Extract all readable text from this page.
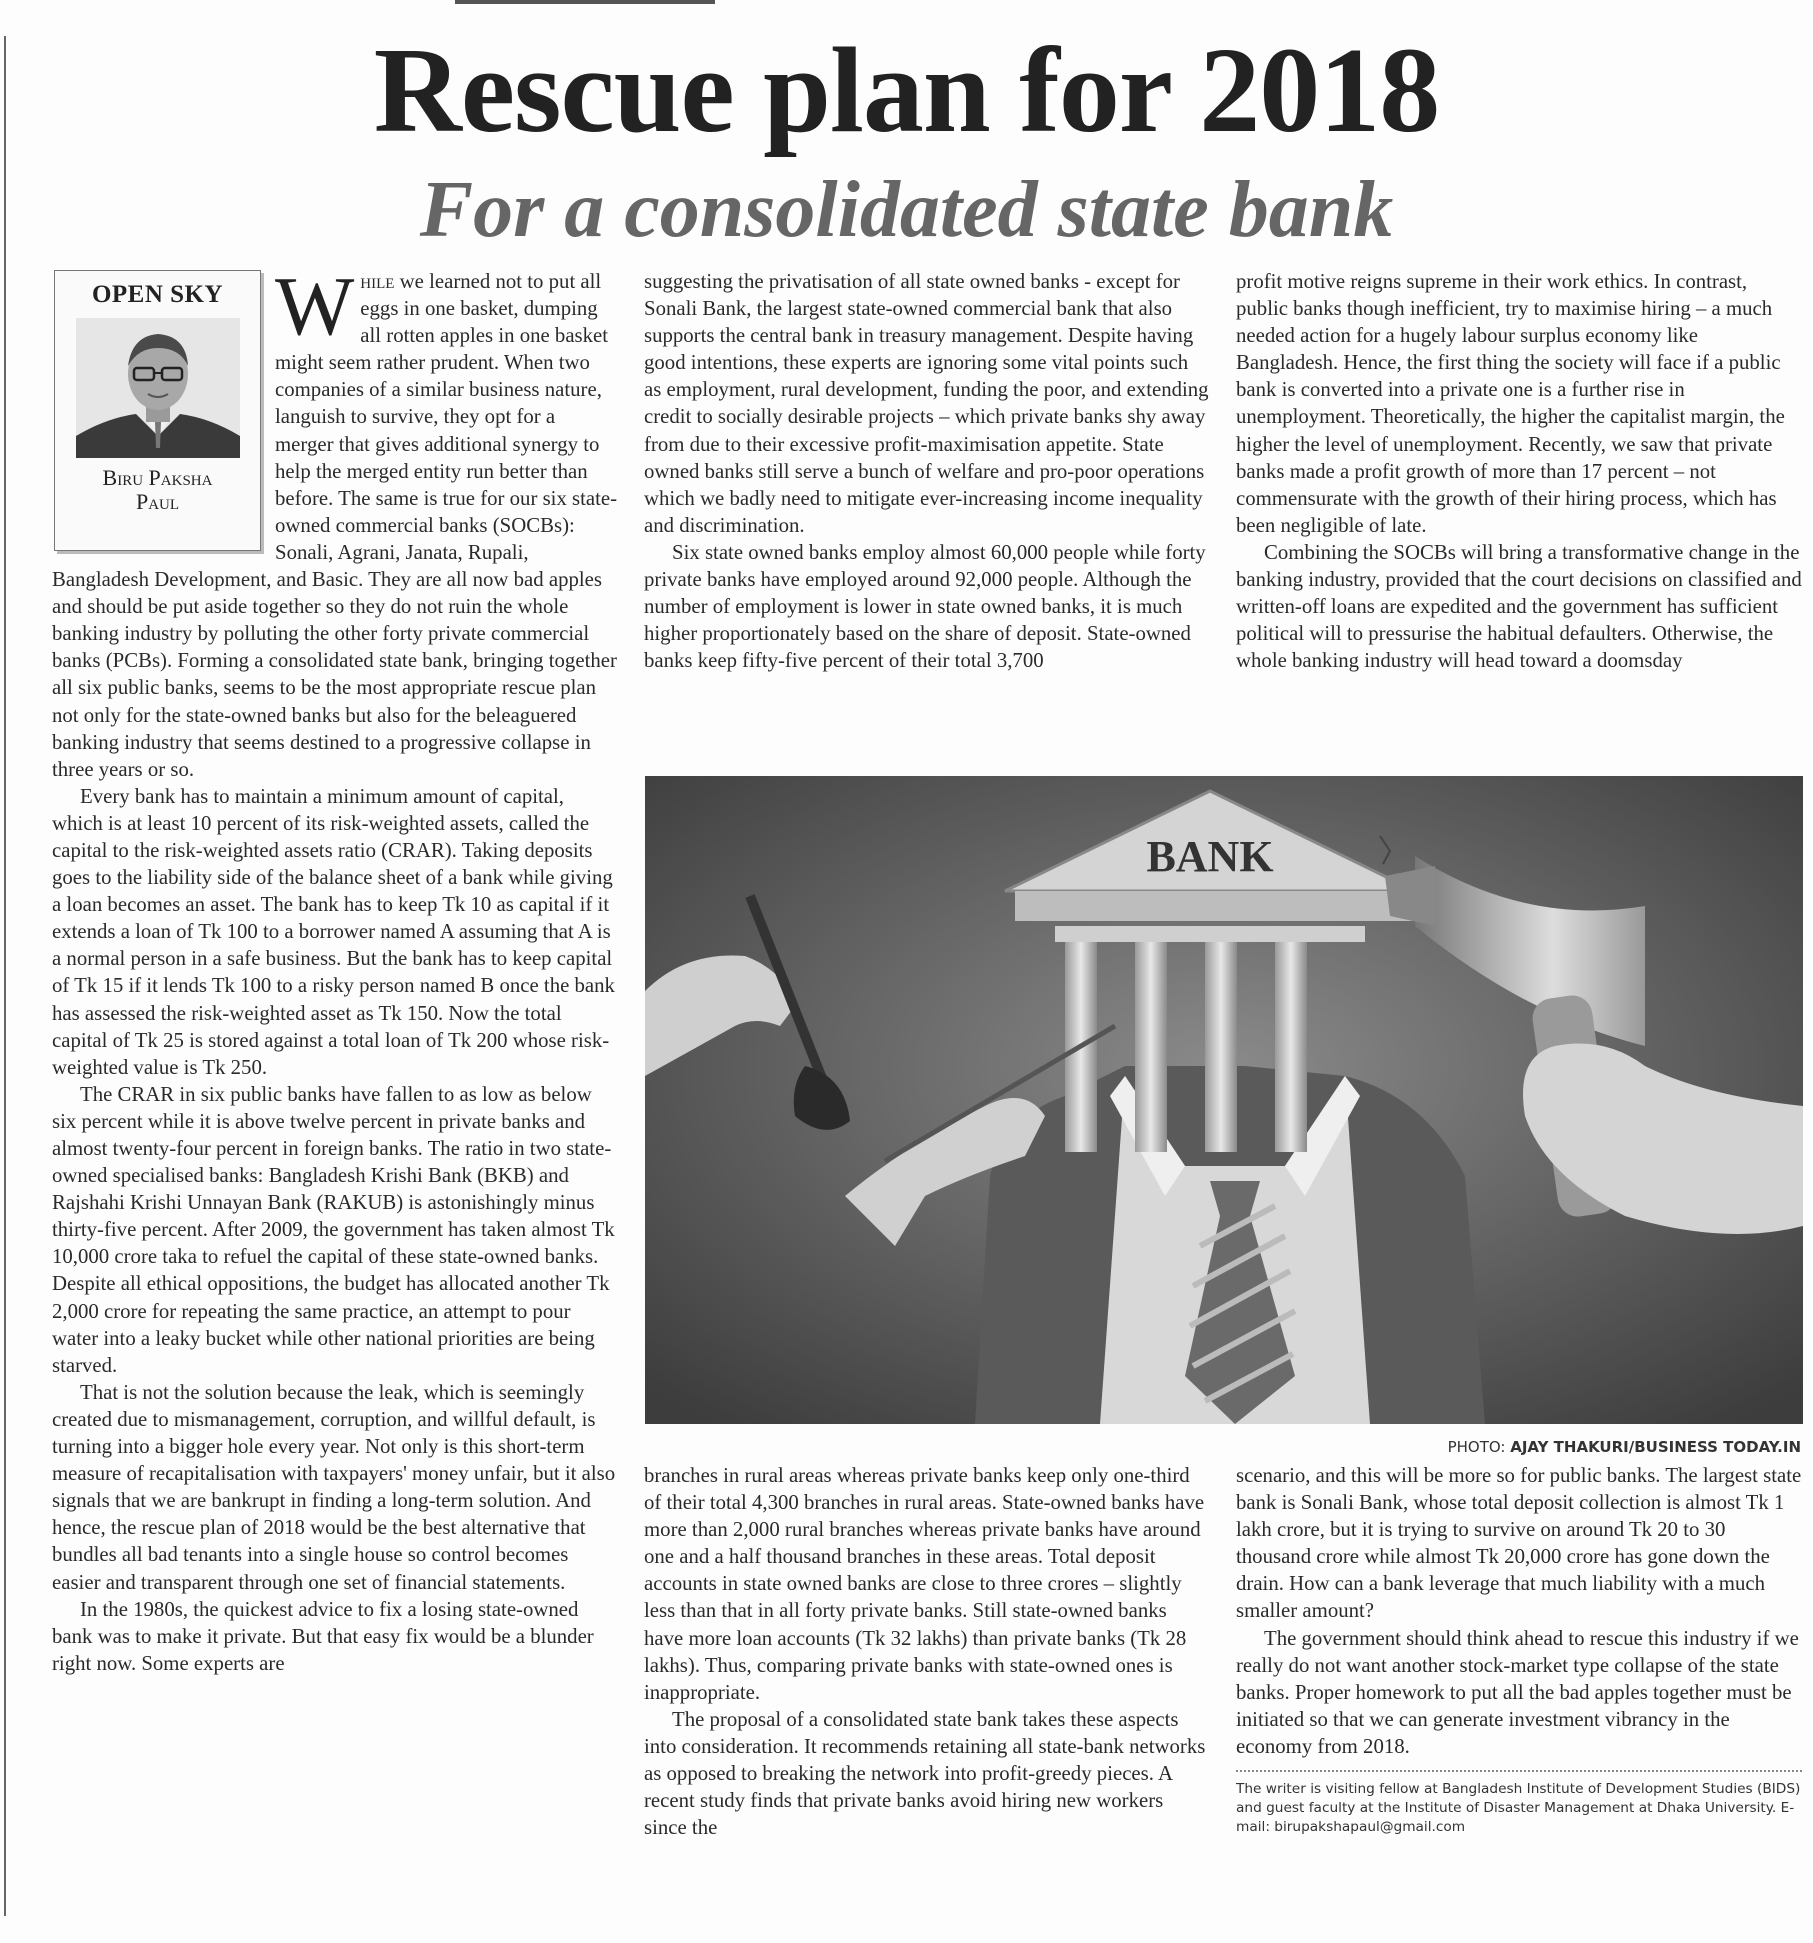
Rescue plan for 2018
For a consolidated state bank
OPEN SKY
Biru Paksha
Paul

While we learned not to put all eggs in one basket, dumping all rotten apples in one basket might seem rather prudent. When two companies of a similar business nature, languish to survive, they opt for a merger that gives additional synergy to help the merged entity run better than before. The same is true for our six state-owned commercial banks (SOCBs): Sonali, Agrani, Janata, Rupali, Bangladesh Development, and Basic. They are all now bad apples and should be put aside together so they do not ruin the whole banking industry by polluting the other forty private commercial banks (PCBs). Forming a consolidated state bank, bringing together all six public banks, seems to be the most appropriate rescue plan not only for the state-owned banks but also for the beleaguered banking industry that seems destined to a progressive collapse in three years or so.

Every bank has to maintain a minimum amount of capital, which is at least 10 percent of its risk-weighted assets, called the capital to the risk-weighted assets ratio (CRAR). Taking deposits goes to the liability side of the balance sheet of a bank while giving a loan becomes an asset. The bank has to keep Tk 10 as capital if it extends a loan of Tk 100 to a borrower named A assuming that A is a normal person in a safe business. But the bank has to keep capital of Tk 15 if it lends Tk 100 to a risky person named B once the bank has assessed the risk-weighted asset as Tk 150. Now the total capital of Tk 25 is stored against a total loan of Tk 200 whose risk-weighted value is Tk 250.

The CRAR in six public banks have fallen to as low as below six percent while it is above twelve percent in private banks and almost twenty-four percent in foreign banks. The ratio in two state-owned specialised banks: Bangladesh Krishi Bank (BKB) and Rajshahi Krishi Unnayan Bank (RAKUB) is astonishingly minus thirty-five percent. After 2009, the government has taken almost Tk 10,000 crore taka to refuel the capital of these state-owned banks. Despite all ethical oppositions, the budget has allocated another Tk 2,000 crore for repeating the same practice, an attempt to pour water into a leaky bucket while other national priorities are being starved.

That is not the solution because the leak, which is seemingly created due to mismanagement, corruption, and willful default, is turning into a bigger hole every year. Not only is this short-term measure of recapitalisation with taxpayers' money unfair, but it also signals that we are bankrupt in finding a long-term solution. And hence, the rescue plan of 2018 would be the best alternative that bundles all bad tenants into a single house so control becomes easier and transparent through one set of financial statements.

In the 1980s, the quickest advice to fix a losing state-owned bank was to make it private. But that easy fix would be a blunder right now. Some experts are

suggesting the privatisation of all state owned banks - except for Sonali Bank, the largest state-owned commercial bank that also supports the central bank in treasury management. Despite having good intentions, these experts are ignoring some vital points such as employment, rural development, funding the poor, and extending credit to socially desirable projects – which private banks shy away from due to their excessive profit-maximisation appetite. State owned banks still serve a bunch of welfare and pro-poor operations which we badly need to mitigate ever-increasing income inequality and discrimination.

Six state owned banks employ almost 60,000 people while forty private banks have employed around 92,000 people. Although the number of employment is lower in state owned banks, it is much higher proportionately based on the share of deposit. State-owned banks keep fifty-five percent of their total 3,700

profit motive reigns supreme in their work ethics. In contrast, public banks though inefficient, try to maximise hiring – a much needed action for a hugely labour surplus economy like Bangladesh. Hence, the first thing the society will face if a public bank is converted into a private one is a further rise in unemployment. Theoretically, the higher the capitalist margin, the higher the level of unemployment. Recently, we saw that private banks made a profit growth of more than 17 percent – not commensurate with the growth of their hiring process, which has been negligible of late.

Combining the SOCBs will bring a transformative change in the banking industry, provided that the court decisions on classified and written-off loans are expedited and the government has sufficient political will to pressurise the habitual defaulters. Otherwise, the whole banking industry will head toward a doomsday

BANK
PHOTO: AJAY THAKURI/BUSINESS TODAY.IN

branches in rural areas whereas private banks keep only one-third of their total 4,300 branches in rural areas. State-owned banks have more than 2,000 rural branches whereas private banks have around one and a half thousand branches in these areas. Total deposit accounts in state owned banks are close to three crores – slightly less than that in all forty private banks. Still state-owned banks have more loan accounts (Tk 32 lakhs) than private banks (Tk 28 lakhs). Thus, comparing private banks with state-owned ones is inappropriate.

The proposal of a consolidated state bank takes these aspects into consideration. It recommends retaining all state-bank networks as opposed to breaking the network into profit-greedy pieces. A recent study finds that private banks avoid hiring new workers since the

scenario, and this will be more so for public banks. The largest state bank is Sonali Bank, whose total deposit collection is almost Tk 1 lakh crore, but it is trying to survive on around Tk 20 to 30 thousand crore while almost Tk 20,000 crore has gone down the drain. How can a bank leverage that much liability with a much smaller amount?

The government should think ahead to rescue this industry if we really do not want another stock-market type collapse of the state banks. Proper homework to put all the bad apples together must be initiated so that we can generate investment vibrancy in the economy from 2018.

The writer is visiting fellow at Bangladesh Institute of Development Studies (BIDS) and guest faculty at the Institute of Disaster Management at Dhaka University. E-mail: birupakshapaul@gmail.com
